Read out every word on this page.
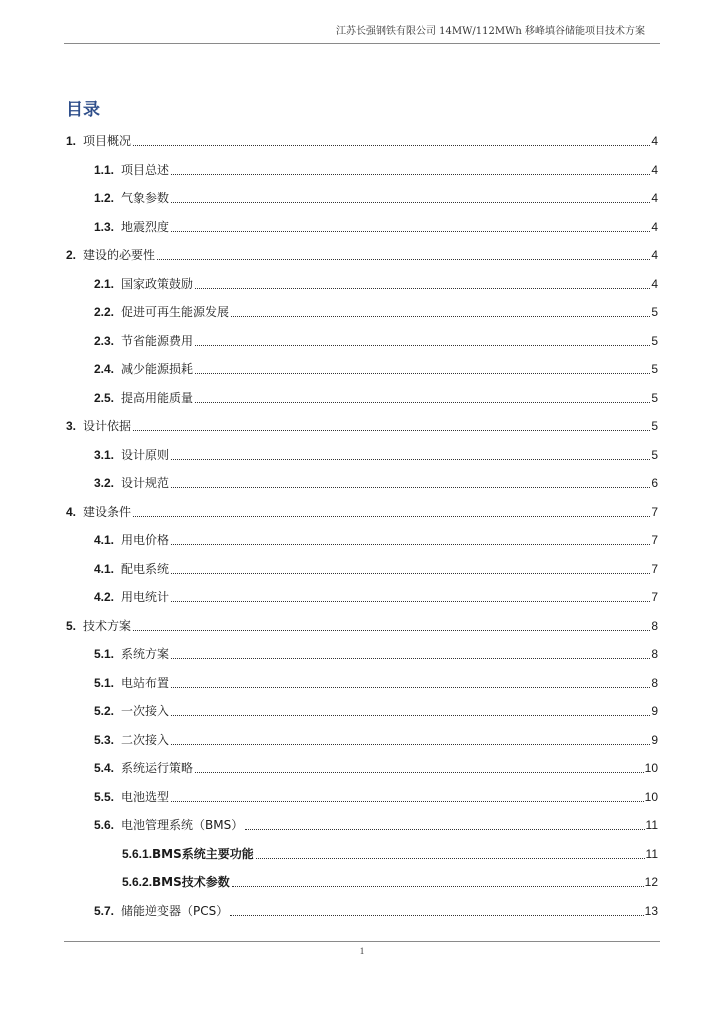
江苏长强钢铁有限公司 14MW/112MWh 移峰填谷储能项目技术方案
目录
1. 项目概况	4
1.1. 项目总述	4
1.2. 气象参数	4
1.3. 地震烈度	4
2. 建设的必要性	4
2.1. 国家政策鼓励	4
2.2. 促进可再生能源发展	5
2.3. 节省能源费用	5
2.4. 减少能源损耗	5
2.5. 提高用能质量	5
3. 设计依据	5
3.1. 设计原则	5
3.2. 设计规范	6
4. 建设条件	7
4.1. 用电价格	7
4.1. 配电系统	7
4.2. 用电统计	7
5. 技术方案	8
5.1. 系统方案	8
5.1. 电站布置	8
5.2. 一次接入	9
5.3. 二次接入	9
5.4. 系统运行策略	10
5.5. 电池选型	10
5.6. 电池管理系统（BMS）	11
5.6.1. BMS系统主要功能	11
5.6.2. BMS技术参数	12
5.7. 储能逆变器（PCS）	13
1
